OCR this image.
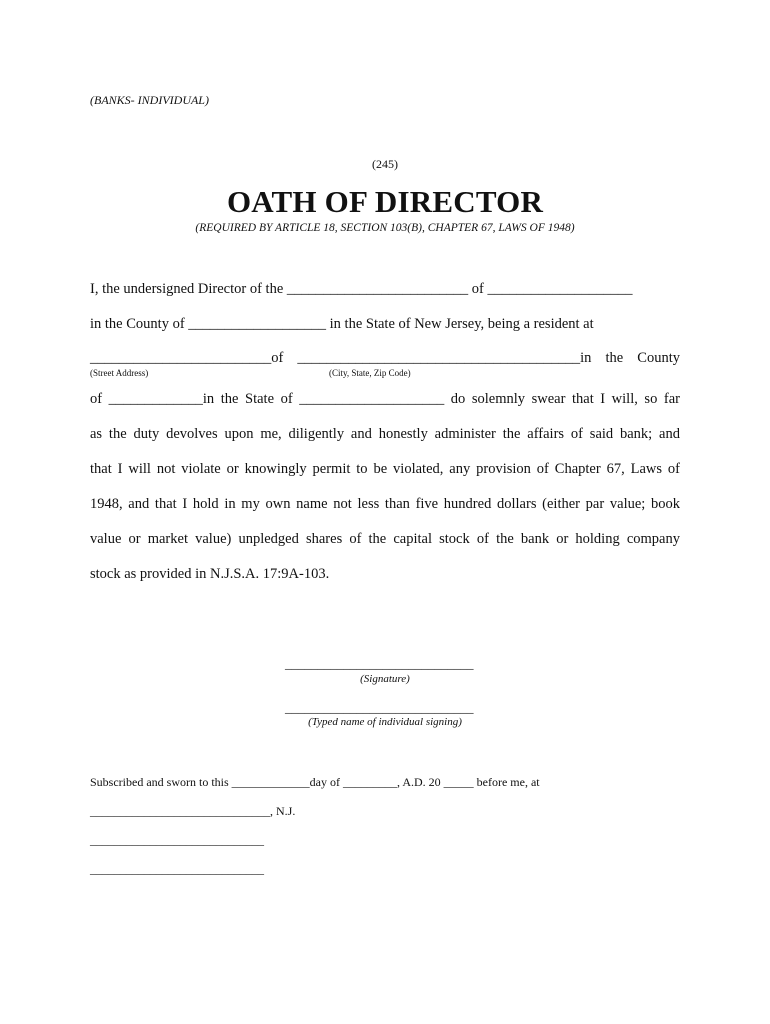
(BANKS- INDIVIDUAL)
(245)
OATH OF DIRECTOR
(REQUIRED BY ARTICLE 18, SECTION 103(B), CHAPTER 67, LAWS OF 1948)
I, the undersigned Director of the _________________________ of ____________________
in the County of ___________________ in the State of New Jersey, being a resident at
_________________________of _______________________________________in the County
(Street Address)	(City, State, Zip Code)
of _____________in the State of ____________________ do solemnly swear that I will, so far
as the duty devolves upon me, diligently and honestly administer the affairs of said bank; and
that I will not violate or knowingly permit to be violated, any provision of Chapter 67, Laws of
1948, and that I hold in my own name not less than five hundred dollars (either par value; book
value or market value) unpledged shares of the capital stock of the bank or holding company
stock as provided in N.J.S.A. 17:9A-103.
_____________________________
(Signature)
_____________________________
(Typed name of individual signing)
Subscribed and sworn to this _____________day of _________, A.D. 20 _____ before me, at
______________________________, N.J.
_____________________________
_____________________________
